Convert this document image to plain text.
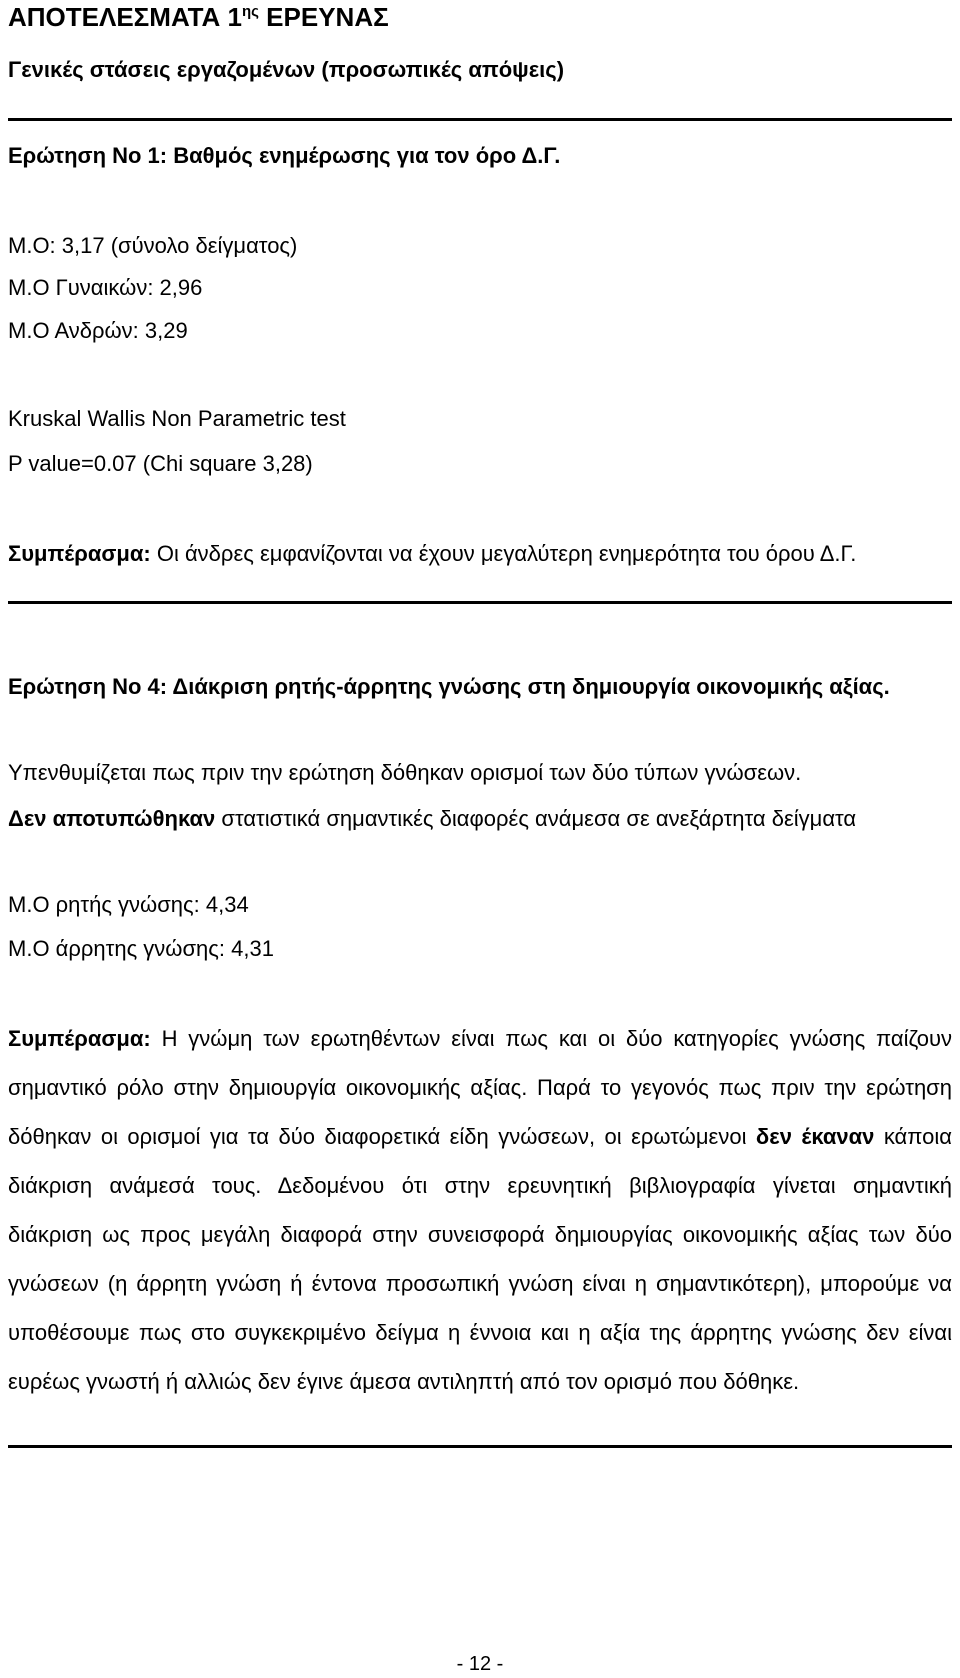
ΑΠΟΤΕΛΕΣΜΑΤΑ $1^{\eta\varsigma}$ ΕΡΕΥΝΑΣ
Γενικές στάσεις εργαζομένων (προσωπικές απόψεις)
Ερώτηση Νο 1: Βαθμός ενημέρωσης για τον όρο Δ.Γ.
Μ.Ο: 3,17 (σύνολο δείγματος)
Μ.Ο Γυναικών: 2,96
Μ.Ο Ανδρών: 3,29
Kruskal Wallis Non Parametric test
P value=0.07 (Chi square 3,28)
Συμπέρασμα: Οι άνδρες εμφανίζονται να έχουν μεγαλύτερη ενημερότητα του όρου Δ.Γ.
Ερώτηση Νο 4: Διάκριση ρητής-άρρητης γνώσης στη δημιουργία οικονομικής αξίας.
Υπενθυμίζεται πως πριν την ερώτηση δόθηκαν ορισμοί των δύο τύπων γνώσεων.
Δεν αποτυπώθηκαν στατιστικά σημαντικές διαφορές ανάμεσα σε ανεξάρτητα δείγματα
Μ.Ο ρητής γνώσης: 4,34
Μ.Ο άρρητης γνώσης: 4,31
Συμπέρασμα: Η γνώμη των ερωτηθέντων είναι πως και οι δύο κατηγορίες γνώσης παίζουν
σημαντικό ρόλο στην δημιουργία οικονομικής αξίας. Παρά το γεγονός πως πριν την ερώτηση
δόθηκαν οι ορισμοί για τα δύο διαφορετικά είδη γνώσεων, οι ερωτώμενοι δεν έκαναν κάποια
διάκριση ανάμεσά τους. Δεδομένου ότι στην ερευνητική βιβλιογραφία γίνεται σημαντική
διάκριση ως προς μεγάλη διαφορά στην συνεισφορά δημιουργίας οικονομικής αξίας των δύο
γνώσεων (η άρρητη γνώση ή έντονα προσωπική γνώση είναι η σημαντικότερη), μπορούμε να
υποθέσουμε πως στο συγκεκριμένο δείγμα η έννοια και η αξία της άρρητης γνώσης δεν είναι
ευρέως γνωστή ή αλλιώς δεν έγινε άμεσα αντιληπτή από τον ορισμό που δόθηκε.
- 12 -
